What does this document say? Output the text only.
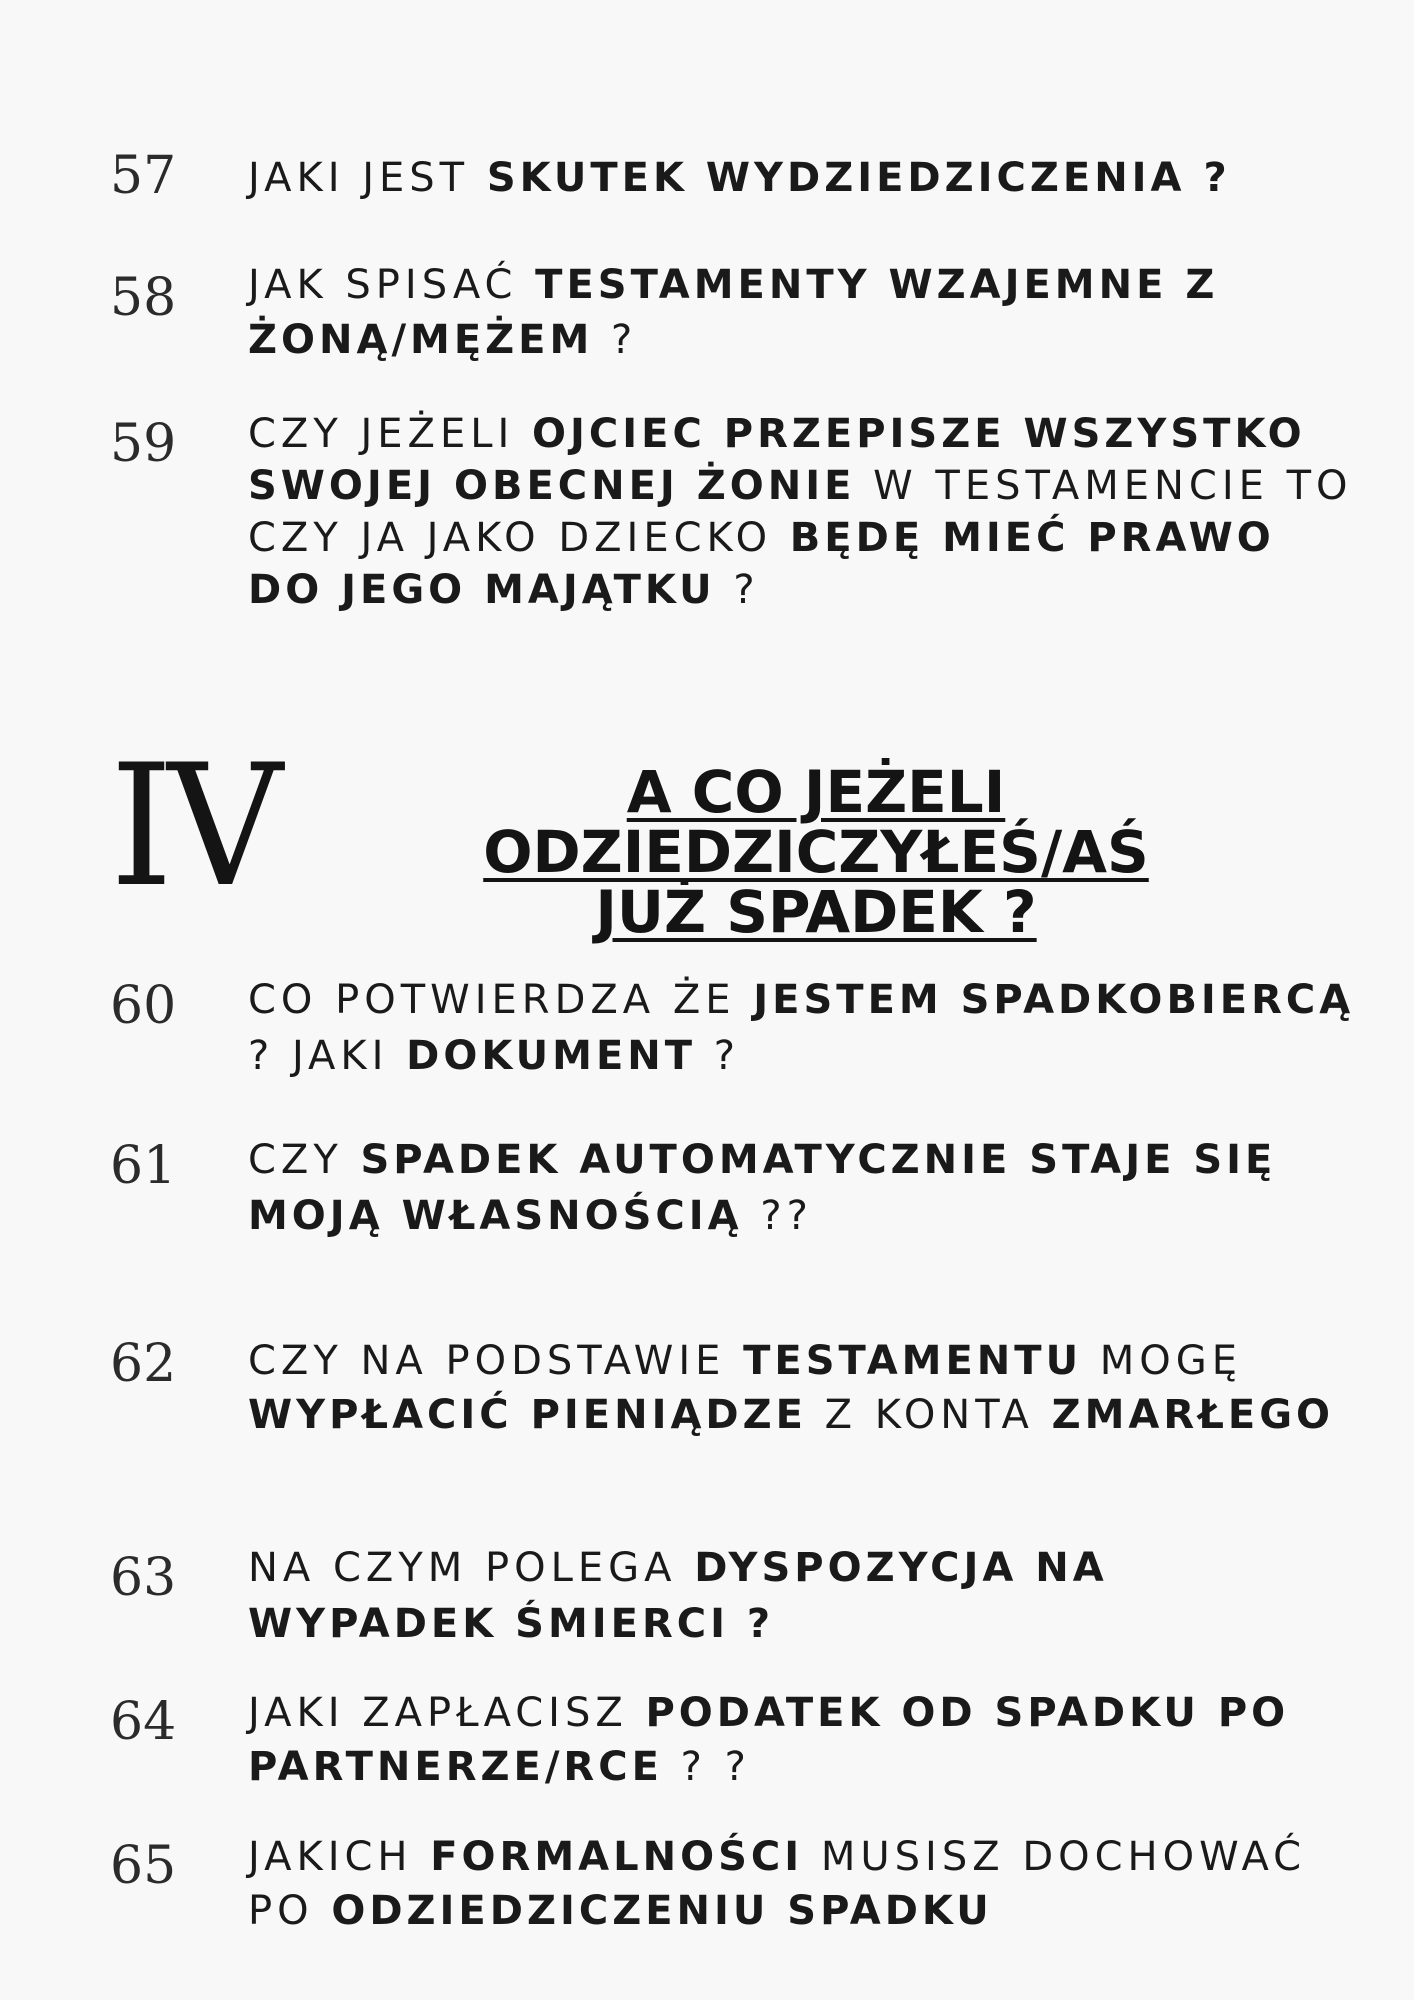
57 JAKI JEST SKUTEK WYDZIEDZICZENIA ?
58 JAK SPISAĆ TESTAMENTY WZAJEMNE Z ŻONĄ/MĘŻEM ?
59 CZY JEŻELI OJCIEC PRZEPISZE WSZYSTKO SWOJEJ OBECNEJ ŻONIE W TESTAMENCIE TO CZY JA JAKO DZIECKO BĘDĘ MIEĆ PRAWO DO JEGO MAJĄTKU ?
IV	A CO JEŻELI ODZIEDZICZYŁEŚ/AŚ
JUŻ SPADEK ?
60 CO POTWIERDZA ŻE JESTEM SPADKOBIERCĄ ? JAKI DOKUMENT ?
61 CZY SPADEK AUTOMATYCZNIE STAJE SIĘ MOJĄ WŁASNOŚCIĄ ??
62 CZY NA PODSTAWIE TESTAMENTU MOGĘ WYPŁACIĆ PIENIĄDZE Z KONTA ZMARŁEGO
63 NA CZYM POLEGA DYSPOZYCJA NA WYPADEK ŚMIERCI ?
64 JAKI ZAPŁACISZ PODATEK OD SPADKU PO PARTNERZE/RCE ? ?
65 JAKICH FORMALNOŚCI MUSISZ DOCHOWAĆ PO ODZIEDZICZENIU SPADKU
